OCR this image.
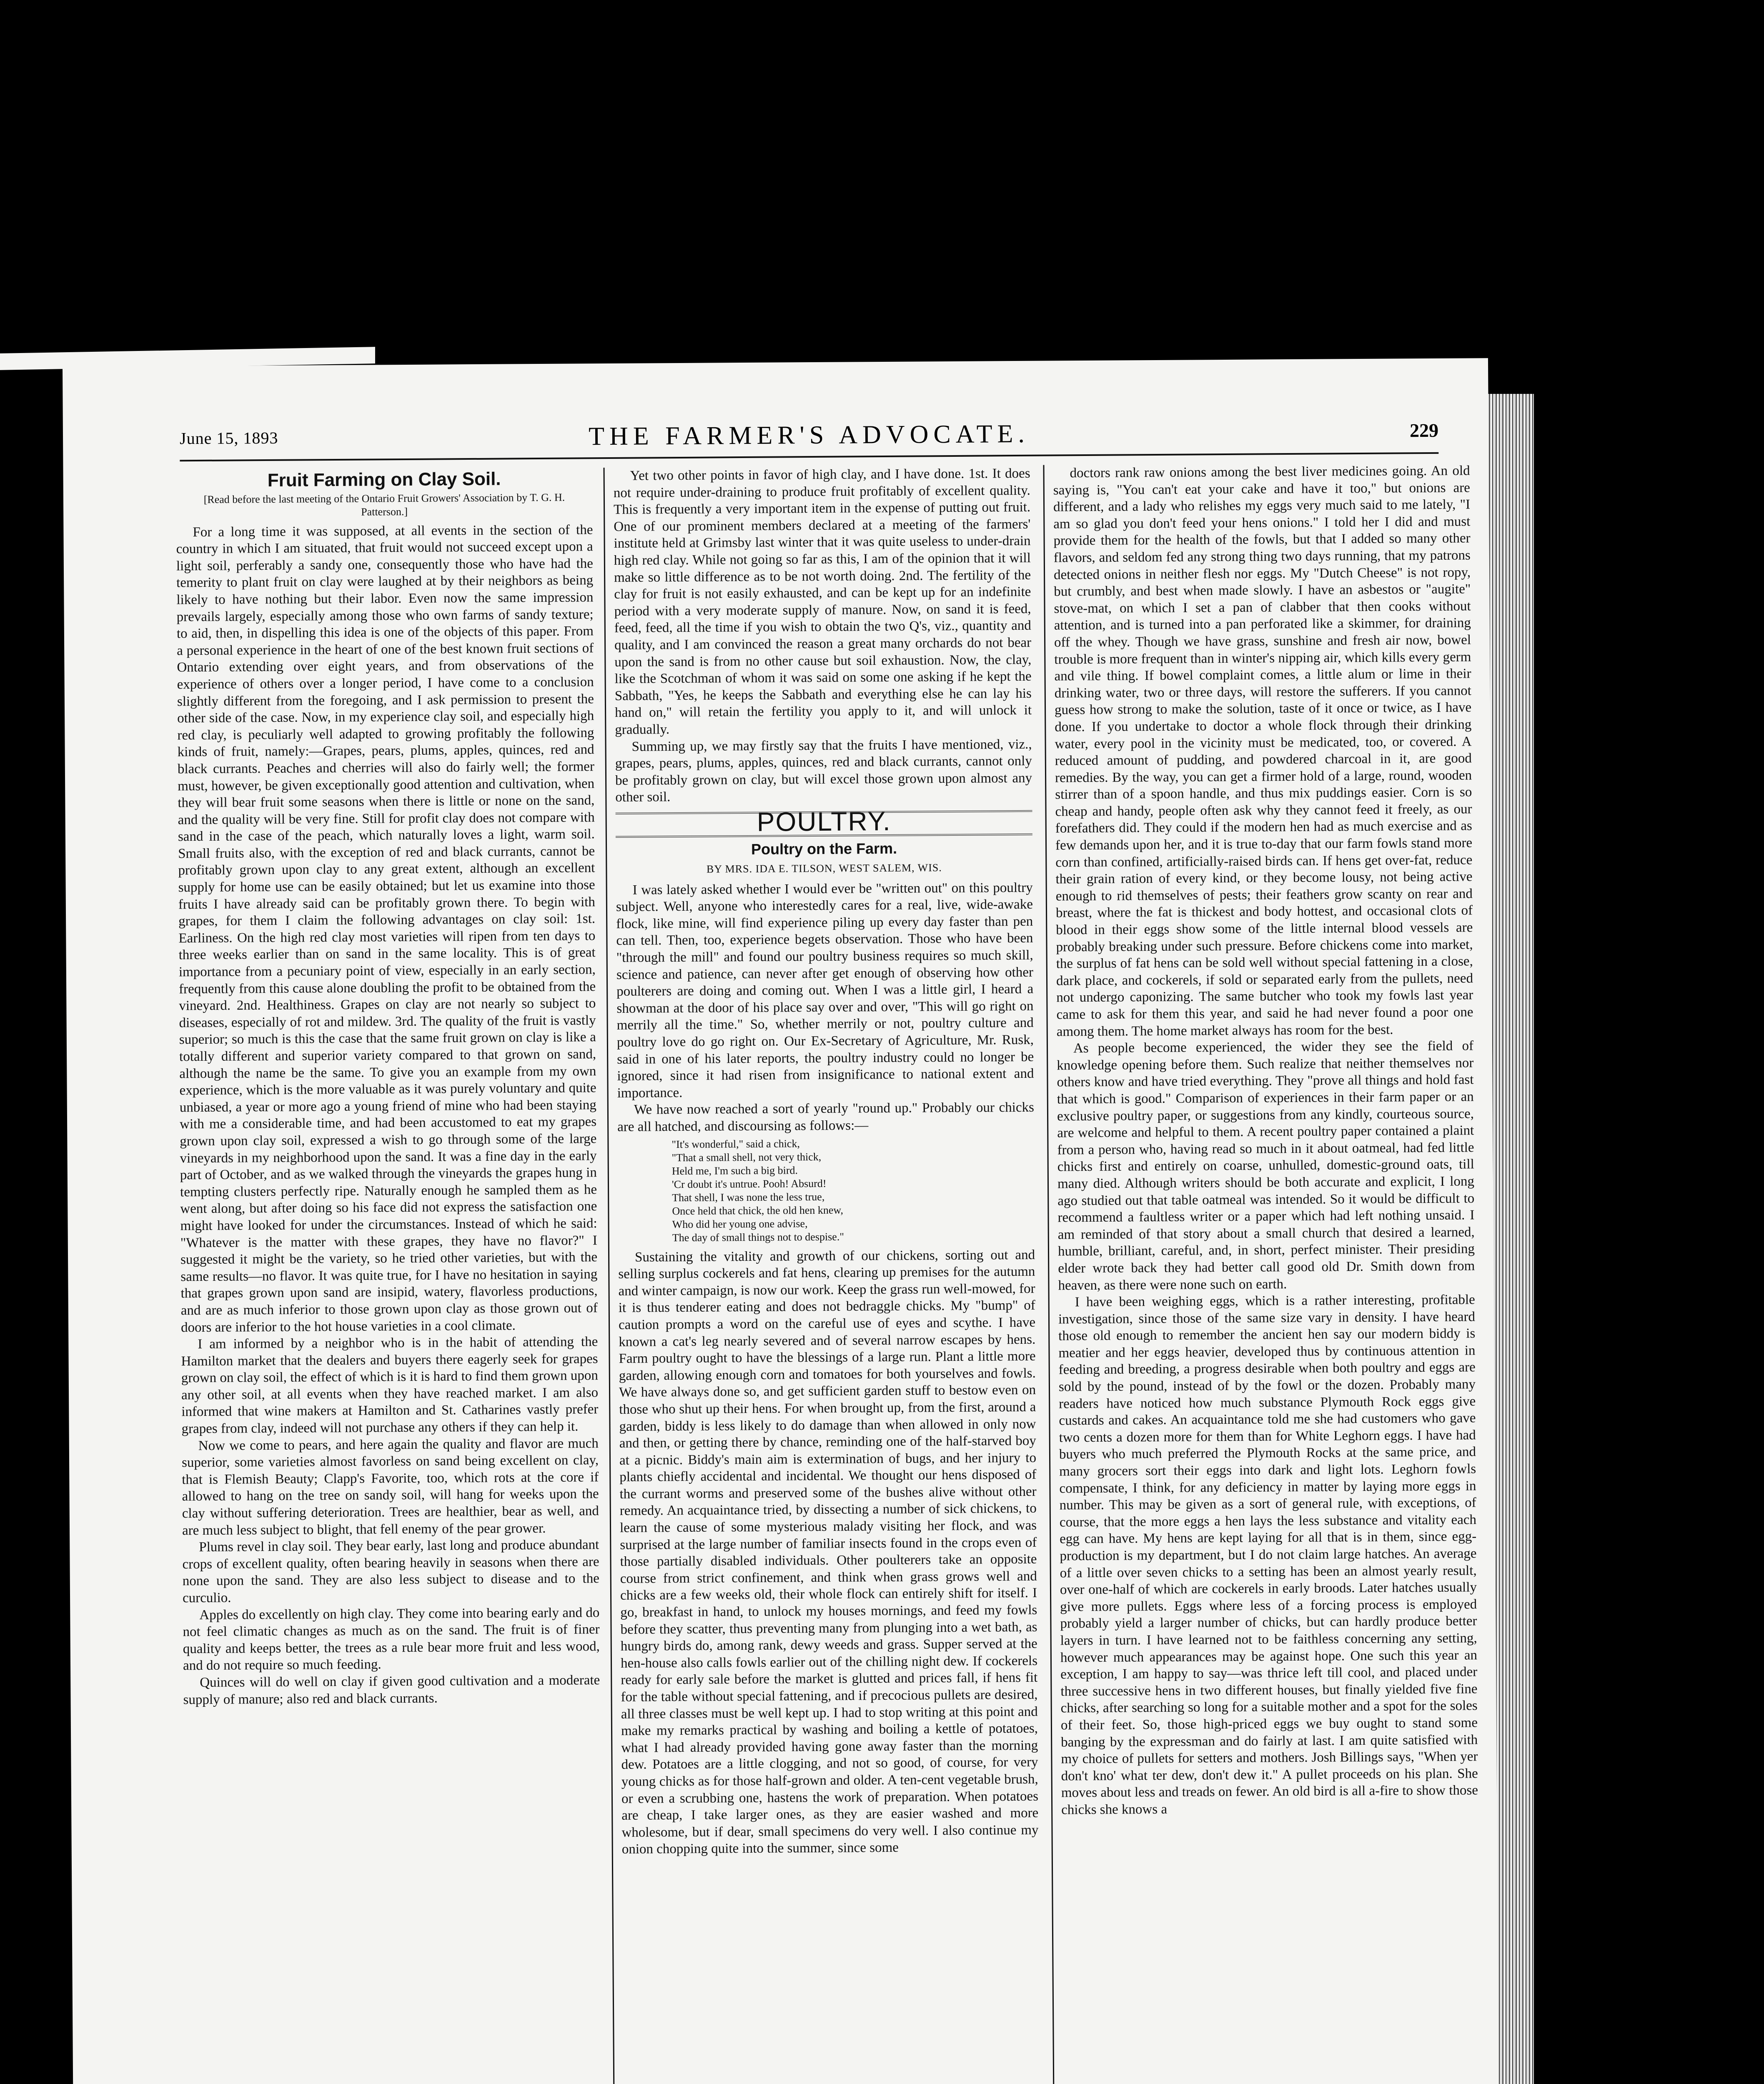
June 15, 1893	THE FARMER'S ADVOCATE.	229
Fruit Farming on Clay Soil.
[Read before the last meeting of the Ontario Fruit Growers' Association by T. G. H. Patterson.]

For a long time it was supposed, at all events in the section of the country in which I am situated, that fruit would not succeed except upon a light soil, perferably a sandy one, consequently those who have had the temerity to plant fruit on clay were laughed at by their neighbors as being likely to have nothing but their labor. Even now the same impression prevails largely, especially among those who own farms of sandy texture; to aid, then, in dispelling this idea is one of the objects of this paper. From a personal experience in the heart of one of the best known fruit sections of Ontario extending over eight years, and from observations of the experience of others over a longer period, I have come to a conclusion slightly different from the foregoing, and I ask permission to present the other side of the case. Now, in my experience clay soil, and especially high red clay, is peculiarly well adapted to growing profitably the following kinds of fruit, namely:—Grapes, pears, plums, apples, quinces, red and black currants. Peaches and cherries will also do fairly well; the former must, however, be given exceptionally good attention and cultivation, when they will bear fruit some seasons when there is little or none on the sand, and the quality will be very fine. Still for profit clay does not compare with sand in the case of the peach, which naturally loves a light, warm soil. Small fruits also, with the exception of red and black currants, cannot be profitably grown upon clay to any great extent, although an excellent supply for home use can be easily obtained; but let us examine into those fruits I have already said can be profitably grown there. To begin with grapes, for them I claim the following advantages on clay soil: 1st. Earliness. On the high red clay most varieties will ripen from ten days to three weeks earlier than on sand in the same locality. This is of great importance from a pecuniary point of view, especially in an early section, frequently from this cause alone doubling the profit to be obtained from the vineyard. 2nd. Healthiness. Grapes on clay are not nearly so subject to diseases, especially of rot and mildew. 3rd. The quality of the fruit is vastly superior; so much is this the case that the same fruit grown on clay is like a totally different and superior variety compared to that grown on sand, although the name be the same. To give you an example from my own experience, which is the more valuable as it was purely voluntary and quite unbiased, a year or more ago a young friend of mine who had been staying with me a considerable time, and had been accustomed to eat my grapes grown upon clay soil, expressed a wish to go through some of the large vineyards in my neighborhood upon the sand. It was a fine day in the early part of October, and as we walked through the vineyards the grapes hung in tempting clusters perfectly ripe. Naturally enough he sampled them as he went along, but after doing so his face did not express the satisfaction one might have looked for under the circumstances. Instead of which he said: "Whatever is the matter with these grapes, they have no flavor?" I suggested it might be the variety, so he tried other varieties, but with the same results—no flavor. It was quite true, for I have no hesitation in saying that grapes grown upon sand are insipid, watery, flavorless productions, and are as much inferior to those grown upon clay as those grown out of doors are inferior to the hot house varieties in a cool climate.

I am informed by a neighbor who is in the habit of attending the Hamilton market that the dealers and buyers there eagerly seek for grapes grown on clay soil, the effect of which is it is hard to find them grown upon any other soil, at all events when they have reached market. I am also informed that wine makers at Hamilton and St. Catharines vastly prefer grapes from clay, indeed will not purchase any others if they can help it.

Now we come to pears, and here again the quality and flavor are much superior, some varieties almost favorless on sand being excellent on clay, that is Flemish Beauty; Clapp's Favorite, too, which rots at the core if allowed to hang on the tree on sandy soil, will hang for weeks upon the clay without suffering deterioration. Trees are healthier, bear as well, and are much less subject to blight, that fell enemy of the pear grower.

Plums revel in clay soil. They bear early, last long and produce abundant crops of excellent quality, often bearing heavily in seasons when there are none upon the sand. They are also less subject to disease and to the curculio.

Apples do excellently on high clay. They come into bearing early and do not feel climatic changes as much as on the sand. The fruit is of finer quality and keeps better, the trees as a rule bear more fruit and less wood, and do not require so much feeding.

Quinces will do well on clay if given good cultivation and a moderate supply of manure; also red and black currants.

Yet two other points in favor of high clay, and I have done. 1st. It does not require under-draining to produce fruit profitably of excellent quality. This is frequently a very important item in the expense of putting out fruit. One of our prominent members declared at a meeting of the farmers' institute held at Grimsby last winter that it was quite useless to under-drain high red clay. While not going so far as this, I am of the opinion that it will make so little difference as to be not worth doing. 2nd. The fertility of the clay for fruit is not easily exhausted, and can be kept up for an indefinite period with a very moderate supply of manure. Now, on sand it is feed, feed, feed, all the time if you wish to obtain the two Q's, viz., quantity and quality, and I am convinced the reason a great many orchards do not bear upon the sand is from no other cause but soil exhaustion. Now, the clay, like the Scotchman of whom it was said on some one asking if he kept the Sabbath, "Yes, he keeps the Sabbath and everything else he can lay his hand on," will retain the fertility you apply to it, and will unlock it gradually.

Summing up, we may firstly say that the fruits I have mentioned, viz., grapes, pears, plums, apples, quinces, red and black currants, cannot only be profitably grown on clay, but will excel those grown upon almost any other soil.

POULTRY.
Poultry on the Farm.
BY MRS. IDA E. TILSON, WEST SALEM, WIS.

I was lately asked whether I would ever be "written out" on this poultry subject. Well, anyone who interestedly cares for a real, live, wide-awake flock, like mine, will find experience piling up every day faster than pen can tell. Then, too, experience begets observation. Those who have been "through the mill" and found our poultry business requires so much skill, science and patience, can never after get enough of observing how other poulterers are doing and coming out. When I was a little girl, I heard a showman at the door of his place say over and over, "This will go right on merrily all the time." So, whether merrily or not, poultry culture and poultry love do go right on. Our Ex-Secretary of Agriculture, Mr. Rusk, said in one of his later reports, the poultry industry could no longer be ignored, since it had risen from insignificance to national extent and importance.

We have now reached a sort of yearly "round up." Probably our chicks are all hatched, and discoursing as follows:—

"It's wonderful," said a chick,
"That a small shell, not very thick,
Held me, I'm such a big bird.
'Cr doubt it's untrue. Pooh! Absurd!
That shell, I was none the less true,
Once held that chick, the old hen knew,
Who did her young one advise,
The day of small things not to despise."

Sustaining the vitality and growth of our chickens, sorting out and selling surplus cockerels and fat hens, clearing up premises for the autumn and winter campaign, is now our work. Keep the grass run well-mowed, for it is thus tenderer eating and does not bedraggle chicks. My "bump" of caution prompts a word on the careful use of eyes and scythe. I have known a cat's leg nearly severed and of several narrow escapes by hens. Farm poultry ought to have the blessings of a large run. Plant a little more garden, allowing enough corn and tomatoes for both yourselves and fowls. We have always done so, and get sufficient garden stuff to bestow even on those who shut up their hens. For when brought up, from the first, around a garden, biddy is less likely to do damage than when allowed in only now and then, or getting there by chance, reminding one of the half-starved boy at a picnic. Biddy's main aim is extermination of bugs, and her injury to plants chiefly accidental and incidental. We thought our hens disposed of the currant worms and preserved some of the bushes alive without other remedy. An acquaintance tried, by dissecting a number of sick chickens, to learn the cause of some mysterious malady visiting her flock, and was surprised at the large number of familiar insects found in the crops even of those partially disabled individuals. Other poulterers take an opposite course from strict confinement, and think when grass grows well and chicks are a few weeks old, their whole flock can entirely shift for itself. I go, breakfast in hand, to unlock my houses mornings, and feed my fowls before they scatter, thus preventing many from plunging into a wet bath, as hungry birds do, among rank, dewy weeds and grass. Supper served at the hen-house also calls fowls earlier out of the chilling night dew. If cockerels ready for early sale before the market is glutted and prices fall, if hens fit for the table without special fattening, and if precocious pullets are desired, all three classes must be well kept up. I had to stop writing at this point and make my remarks practical by washing and boiling a kettle of potatoes, what I had already provided having gone away faster than the morning dew. Potatoes are a little clogging, and not so good, of course, for very young chicks as for those half-grown and older. A ten-cent vegetable brush, or even a scrubbing one, hastens the work of preparation. When potatoes are cheap, I take larger ones, as they are easier washed and more wholesome, but if dear, small specimens do very well. I also continue my onion chopping quite into the summer, since some

doctors rank raw onions among the best liver medicines going. An old saying is, "You can't eat your cake and have it too," but onions are different, and a lady who relishes my eggs very much said to me lately, "I am so glad you don't feed your hens onions." I told her I did and must provide them for the health of the fowls, but that I added so many other flavors, and seldom fed any strong thing two days running, that my patrons detected onions in neither flesh nor eggs. My "Dutch Cheese" is not ropy, but crumbly, and best when made slowly. I have an asbestos or "augite" stove-mat, on which I set a pan of clabber that then cooks without attention, and is turned into a pan perforated like a skimmer, for draining off the whey. Though we have grass, sunshine and fresh air now, bowel trouble is more frequent than in winter's nipping air, which kills every germ and vile thing. If bowel complaint comes, a little alum or lime in their drinking water, two or three days, will restore the sufferers. If you cannot guess how strong to make the solution, taste of it once or twice, as I have done. If you undertake to doctor a whole flock through their drinking water, every pool in the vicinity must be medicated, too, or covered. A reduced amount of pudding, and powdered charcoal in it, are good remedies. By the way, you can get a firmer hold of a large, round, wooden stirrer than of a spoon handle, and thus mix puddings easier. Corn is so cheap and handy, people often ask why they cannot feed it freely, as our forefathers did. They could if the modern hen had as much exercise and as few demands upon her, and it is true to-day that our farm fowls stand more corn than confined, artificially-raised birds can. If hens get over-fat, reduce their grain ration of every kind, or they become lousy, not being active enough to rid themselves of pests; their feathers grow scanty on rear and breast, where the fat is thickest and body hottest, and occasional clots of blood in their eggs show some of the little internal blood vessels are probably breaking under such pressure. Before chickens come into market, the surplus of fat hens can be sold well without special fattening in a close, dark place, and cockerels, if sold or separated early from the pullets, need not undergo caponizing. The same butcher who took my fowls last year came to ask for them this year, and said he had never found a poor one among them. The home market always has room for the best.

As people become experienced, the wider they see the field of knowledge opening before them. Such realize that neither themselves nor others know and have tried everything. They "prove all things and hold fast that which is good." Comparison of experiences in their farm paper or an exclusive poultry paper, or suggestions from any kindly, courteous source, are welcome and helpful to them. A recent poultry paper contained a plaint from a person who, having read so much in it about oatmeal, had fed little chicks first and entirely on coarse, unhulled, domestic-ground oats, till many died. Although writers should be both accurate and explicit, I long ago studied out that table oatmeal was intended. So it would be difficult to recommend a faultless writer or a paper which had left nothing unsaid. I am reminded of that story about a small church that desired a learned, humble, brilliant, careful, and, in short, perfect minister. Their presiding elder wrote back they had better call good old Dr. Smith down from heaven, as there were none such on earth.

I have been weighing eggs, which is a rather interesting, profitable investigation, since those of the same size vary in density. I have heard those old enough to remember the ancient hen say our modern biddy is meatier and her eggs heavier, developed thus by continuous attention in feeding and breeding, a progress desirable when both poultry and eggs are sold by the pound, instead of by the fowl or the dozen. Probably many readers have noticed how much substance Plymouth Rock eggs give custards and cakes. An acquaintance told me she had customers who gave two cents a dozen more for them than for White Leghorn eggs. I have had buyers who much preferred the Plymouth Rocks at the same price, and many grocers sort their eggs into dark and light lots. Leghorn fowls compensate, I think, for any deficiency in matter by laying more eggs in number. This may be given as a sort of general rule, with exceptions, of course, that the more eggs a hen lays the less substance and vitality each egg can have. My hens are kept laying for all that is in them, since egg-production is my department, but I do not claim large hatches. An average of a little over seven chicks to a setting has been an almost yearly result, over one-half of which are cockerels in early broods. Later hatches usually give more pullets. Eggs where less of a forcing process is employed probably yield a larger number of chicks, but can hardly produce better layers in turn. I have learned not to be faithless concerning any setting, however much appearances may be against hope. One such this year an exception, I am happy to say—was thrice left till cool, and placed under three successive hens in two different houses, but finally yielded five fine chicks, after searching so long for a suitable mother and a spot for the soles of their feet. So, those high-priced eggs we buy ought to stand some banging by the expressman and do fairly at last. I am quite satisfied with my choice of pullets for setters and mothers. Josh Billings says, "When yer don't kno' what ter dew, don't dew it." A pullet proceeds on his plan. She moves about less and treads on fewer. An old bird is all a-fire to show those chicks she knows a
